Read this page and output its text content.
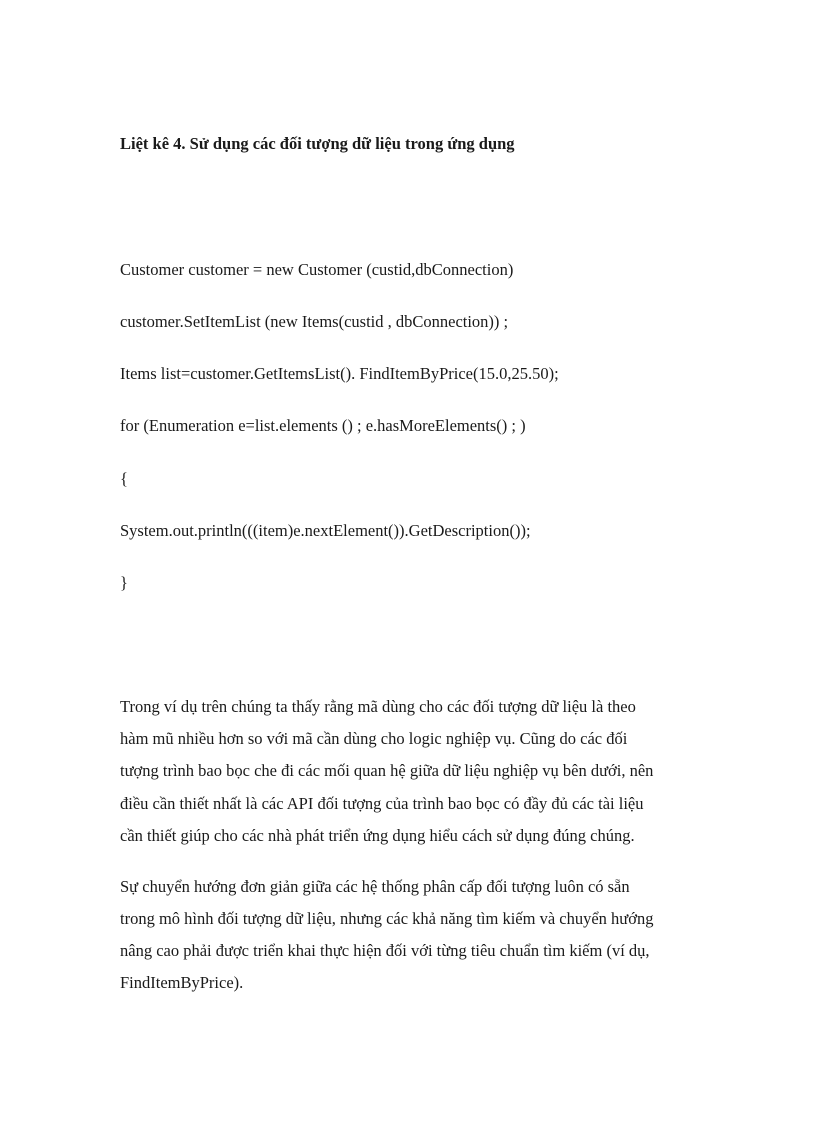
Liệt kê 4. Sử dụng các đối tượng dữ liệu trong ứng dụng

Customer customer = new Customer (custid,dbConnection)

customer.SetItemList (new Items(custid , dbConnection)) ;

Items list=customer.GetItemsList(). FindItemByPrice(15.0,25.50);

for (Enumeration e=list.elements () ; e.hasMoreElements() ; )

{

System.out.println(((item)e.nextElement()).GetDescription());

}

Trong ví dụ trên chúng ta thấy rằng mã dùng cho các đối tượng dữ liệu là theo

hàm mũ nhiều hơn so với mã cần dùng cho logic nghiệp vụ. Cũng do các đối

tượng trình bao bọc che đi các mối quan hệ giữa dữ liệu nghiệp vụ bên dưới, nên

điều cần thiết nhất là các API đối tượng của trình bao bọc có đầy đủ các tài liệu

cần thiết giúp cho các nhà phát triển ứng dụng hiểu cách sử dụng đúng chúng.

Sự chuyển hướng đơn giản giữa các hệ thống phân cấp đối tượng luôn có sẵn

trong mô hình đối tượng dữ liệu, nhưng các khả năng tìm kiếm và chuyển hướng

nâng cao phải được triển khai thực hiện đối với từng tiêu chuẩn tìm kiếm (ví dụ,

FindItemByPrice).
